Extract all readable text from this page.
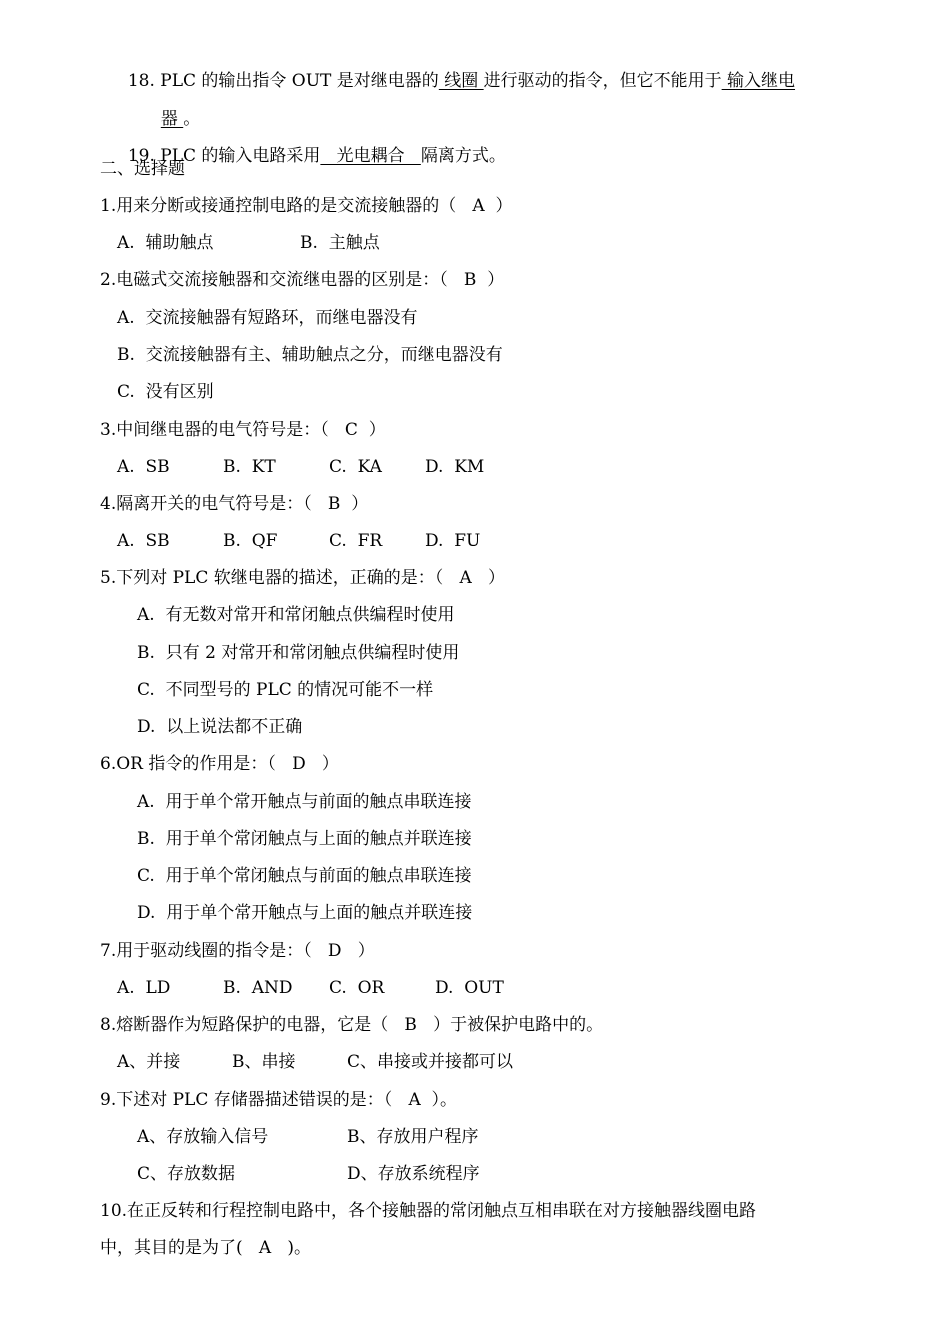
18. PLC 的输出指令 OUT 是对继电器的 线圈 进行驱动的指令，但它不能用于 输入继电

器 。

19. PLC 的输入电路采用   光电耦合   隔离方式。

二、选择题
1.用来分断或接通控制电路的是交流接触器的（   A  ）
A.  辅助触点	B.  主触点
2.电磁式交流接触器和交流继电器的区别是：（   B  ）
A.  交流接触器有短路环，而继电器没有
B.  交流接触器有主、辅助触点之分，而继电器没有
C.  没有区别
3.中间继电器的电气符号是：（   C  ）
A.  SB	B.  KT	C.  KA	D.  KM
4.隔离开关的电气符号是：（   B  ）
A.  SB	B.  QF	C.  FR	D.  FU
5.下列对 PLC 软继电器的描述，正确的是：（   A   ）
A.  有无数对常开和常闭触点供编程时使用
B.  只有 2 对常开和常闭触点供编程时使用
C.  不同型号的 PLC 的情况可能不一样
D.  以上说法都不正确
6.OR 指令的作用是：（   D   ）
A.  用于单个常开触点与前面的触点串联连接
B.  用于单个常闭触点与上面的触点并联连接
C.  用于单个常闭触点与前面的触点串联连接
D.  用于单个常开触点与上面的触点并联连接
7.用于驱动线圈的指令是：（   D   ）
A.  LD	B.  AND C.  OR	D.  OUT
8.熔断器作为短路保护的电器，它是（   B   ）于被保护电路中的。
A、并接	B、串接	C、串接或并接都可以
9.下述对 PLC 存储器描述错误的是：（   A  ）。
A、存放输入信号	B、存放用户程序
C、存放数据	D、存放系统程序
10.在正反转和行程控制电路中，各个接触器的常闭触点互相串联在对方接触器线圈电路
中，其目的是为了(   A   )。
